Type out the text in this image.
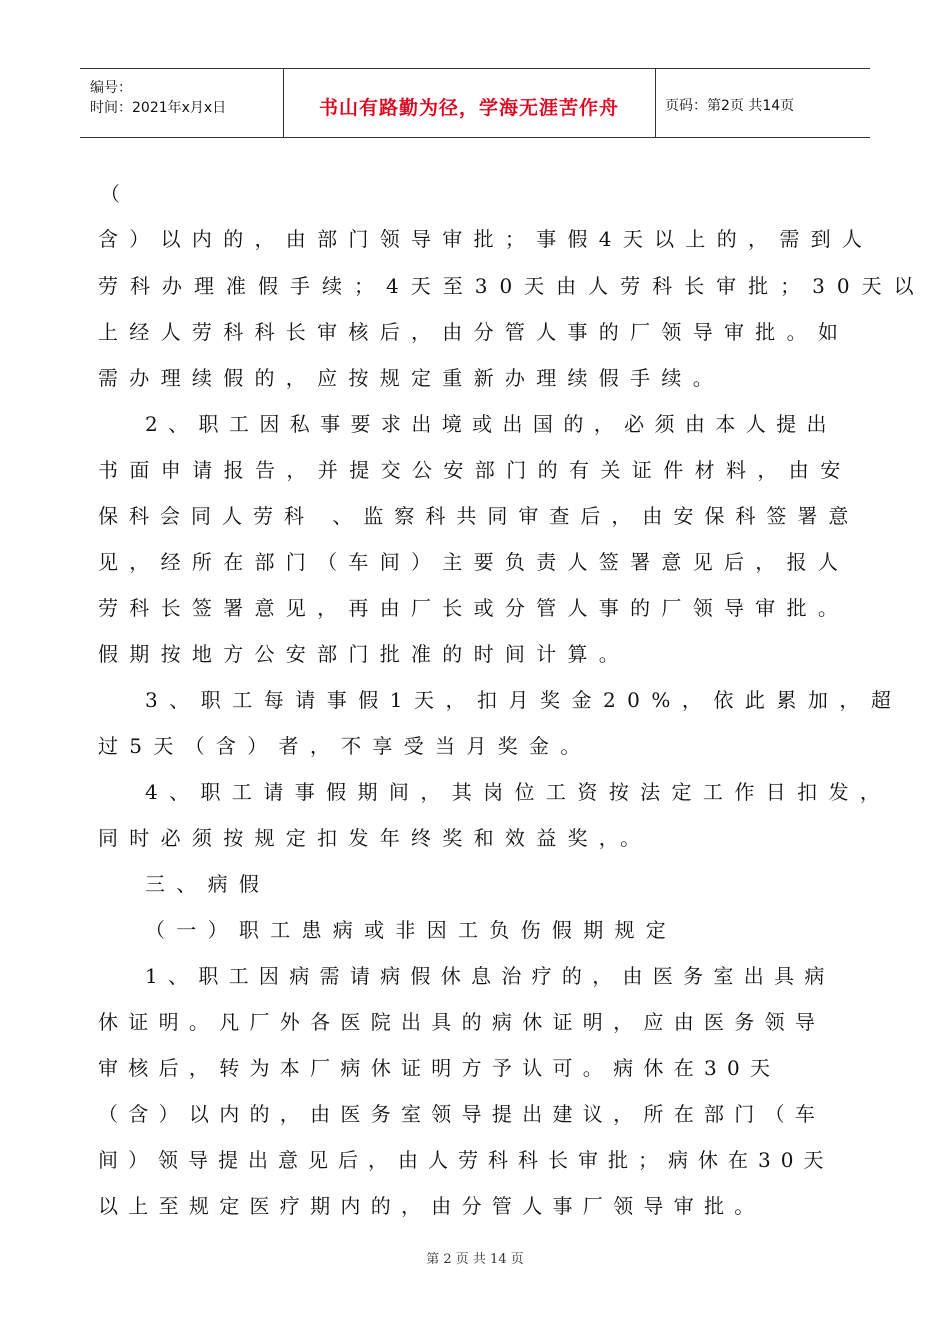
编号：
时间：2021年x月x日	书山有路勤为径，学海无涯苦作舟	页码：第2页 共14页
（
含）以内的，由部门领导审批；事假4天以上的，需到人
劳科办理准假手续；4天至30天由人劳科长审批；30天以
上经人劳科科长审核后，由分管人事的厂领导审批。如
需办理续假的，应按规定重新办理续假手续。
2、职工因私事要求出境或出国的，必须由本人提出
书面申请报告，并提交公安部门的有关证件材料，由安
保科会同人劳科 、监察科共同审查后，由安保科签署意
见，经所在部门（车间）主要负责人签署意见后，报人
劳科长签署意见，再由厂长或分管人事的厂领导审批。
假期按地方公安部门批准的时间计算。
3、职工每请事假1天，扣月奖金20%，依此累加，超
过5天（含）者，不享受当月奖金。
4、职工请事假期间，其岗位工资按法定工作日扣发，
同时必须按规定扣发年终奖和效益奖，。
三、病假
（一）职工患病或非因工负伤假期规定
1、职工因病需请病假休息治疗的，由医务室出具病
休证明。凡厂外各医院出具的病休证明，应由医务领导
审核后，转为本厂病休证明方予认可。病休在30天
（含）以内的，由医务室领导提出建议，所在部门（车
间）领导提出意见后，由人劳科科长审批；病休在30天
以上至规定医疗期内的，由分管人事厂领导审批。
第 2 页 共 14 页
